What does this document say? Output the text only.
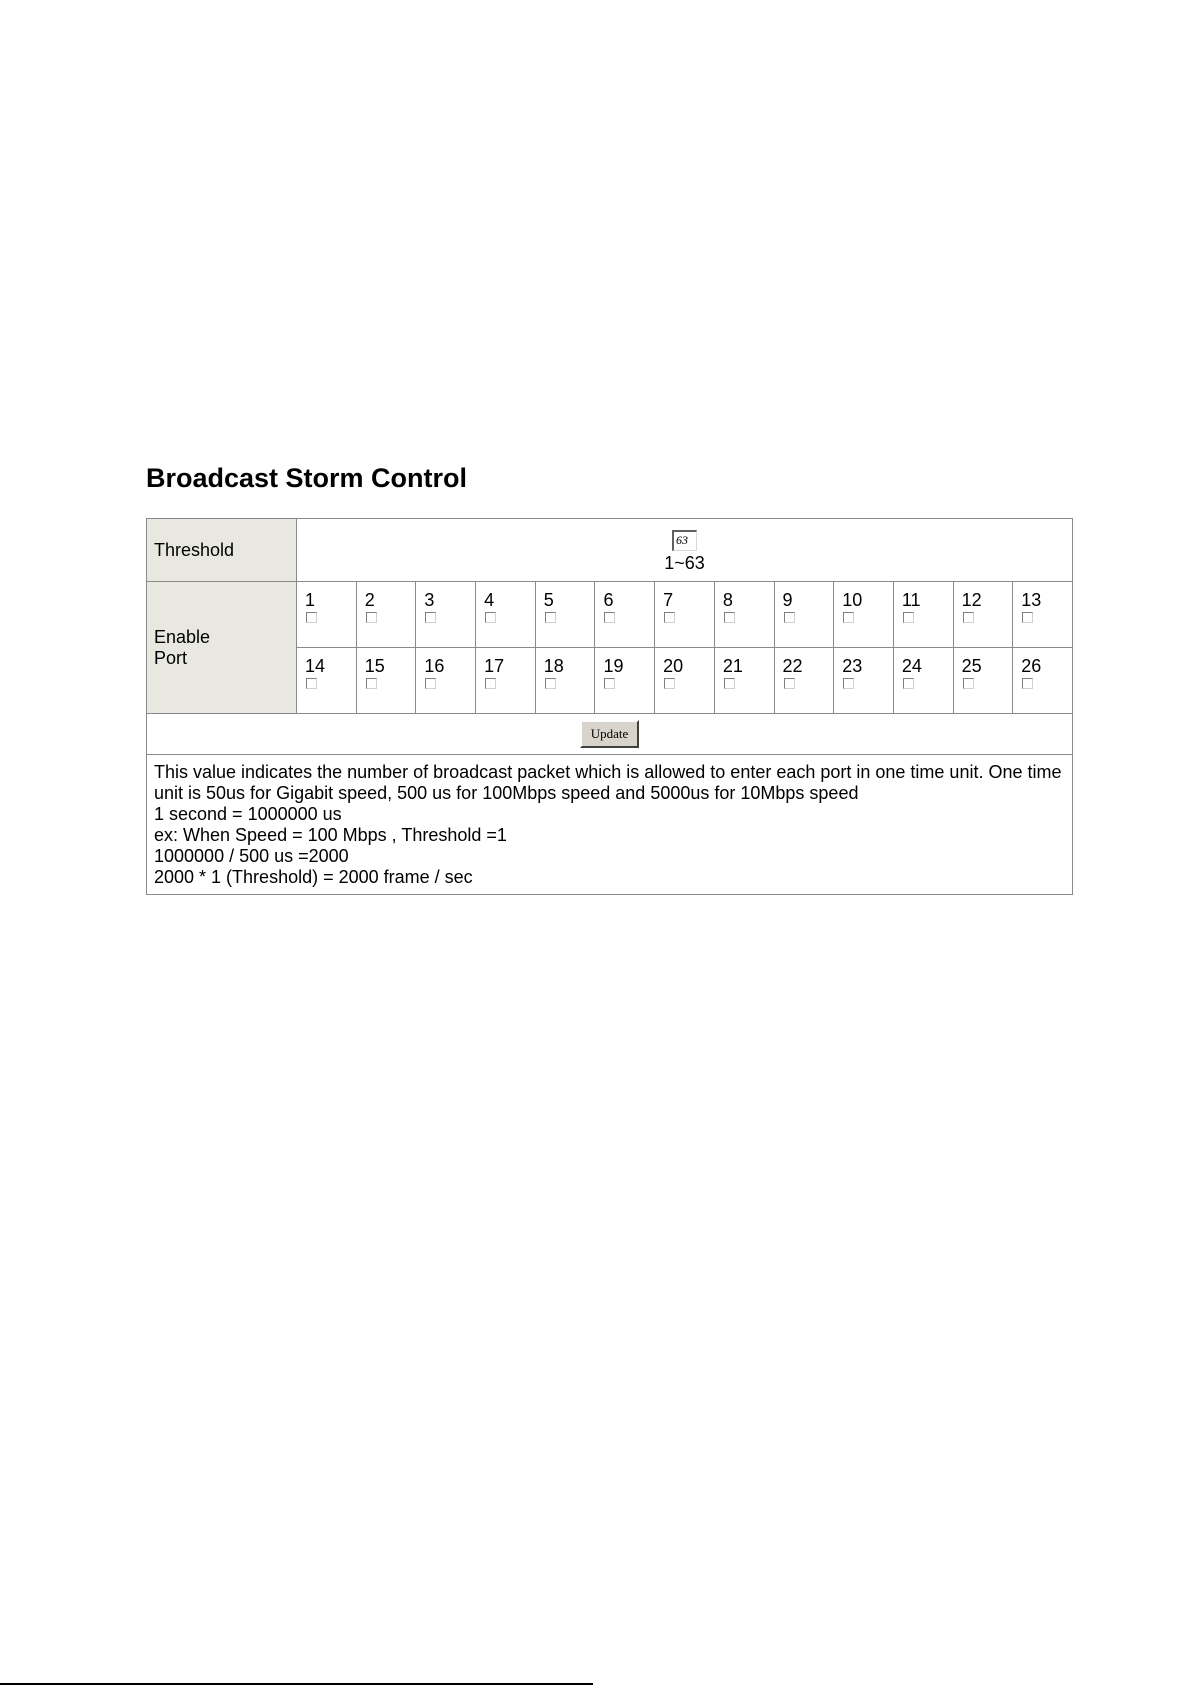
Broadcast Storm Control
Threshold	
63
1~63

Enable
Port	1	2	3	4	5	6	7	8	9	10	11	12	13

	14	15	16	17	18	19	20	21	22	23	24	25	26

Update													

This value indicates the number of broadcast packet which is allowed to enter each port in one time unit. One time unit is 50us for Gigabit speed, 500 us for 100Mbps speed and 5000us for 10Mbps speed
1 second = 1000000 us
ex: When Speed = 100 Mbps , Threshold =1
1000000 / 500 us =2000
2000 * 1 (Threshold) = 2000 frame / sec													
